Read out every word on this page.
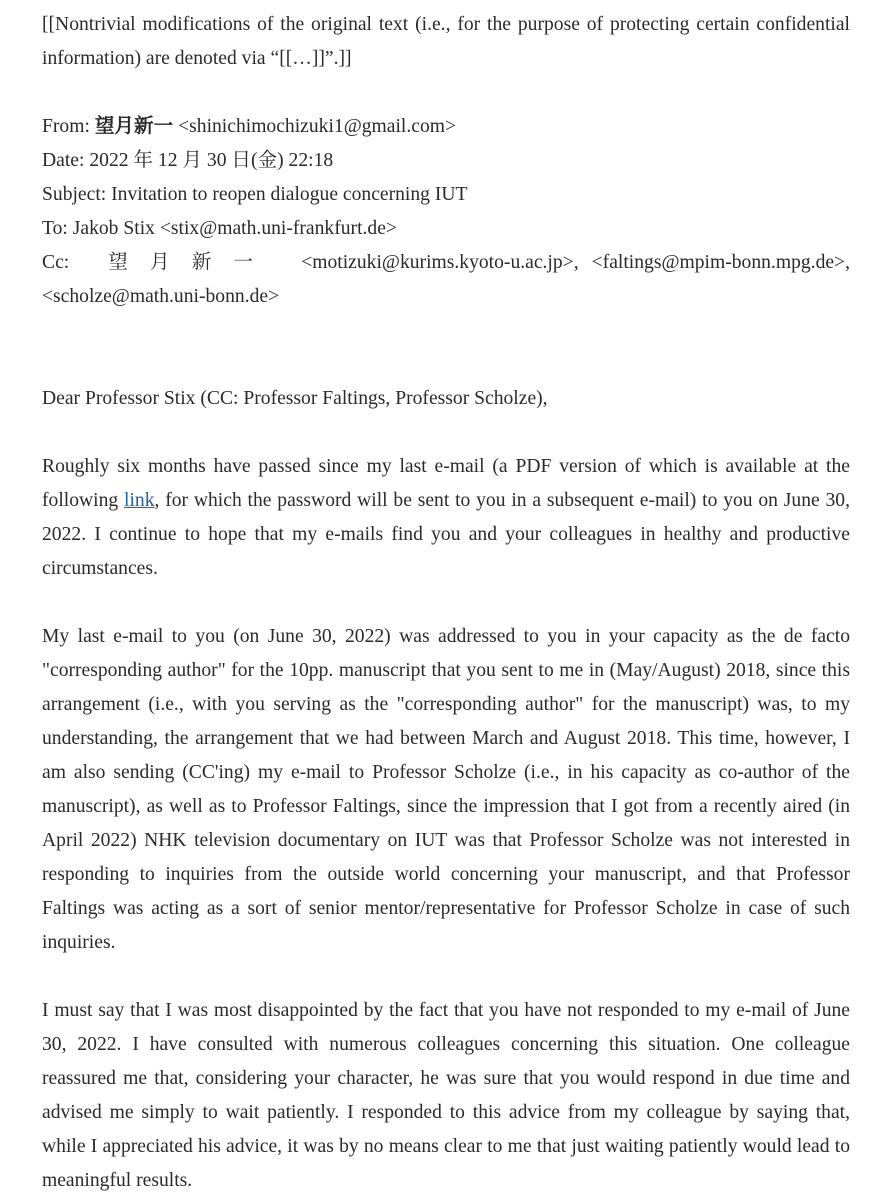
[[Nontrivial modifications of the original text (i.e., for the purpose of protecting certain confidential information) are denoted via “[[…]]”.]]

From: 望月新一 <shinichimochizuki1@gmail.com>

Date: 2022 年 12 月 30 日(金) 22:18

Subject: Invitation to reopen dialogue concerning IUT

To: Jakob Stix <stix@math.uni-frankfurt.de>

Cc: 望月新一 <motizuki@kurims.kyoto-u.ac.jp>, <faltings@mpim-bonn.mpg.de>, <scholze@math.uni-bonn.de>

Dear Professor Stix (CC: Professor Faltings, Professor Scholze),

Roughly six months have passed since my last e-mail (a PDF version of which is available at the following link, for which the password will be sent to you in a subsequent e-mail) to you on June 30, 2022. I continue to hope that my e-mails find you and your colleagues in healthy and productive circumstances.

My last e-mail to you (on June 30, 2022) was addressed to you in your capacity as the de facto "corresponding author" for the 10pp. manuscript that you sent to me in (May/August) 2018, since this arrangement (i.e., with you serving as the "corresponding author" for the manuscript) was, to my understanding, the arrangement that we had between March and August 2018. This time, however, I am also sending (CC'ing) my e-mail to Professor Scholze (i.e., in his capacity as co-author of the manuscript), as well as to Professor Faltings, since the impression that I got from a recently aired (in April 2022) NHK television documentary on IUT was that Professor Scholze was not interested in responding to inquiries from the outside world concerning your manuscript, and that Professor Faltings was acting as a sort of senior mentor/representative for Professor Scholze in case of such inquiries.

I must say that I was most disappointed by the fact that you have not responded to my e-mail of June 30, 2022. I have consulted with numerous colleagues concerning this situation. One colleague reassured me that, considering your character, he was sure that you would respond in due time and advised me simply to wait patiently. I responded to this advice from my colleague by saying that, while I appreciated his advice, it was by no means clear to me that just waiting patiently would lead to meaningful results.
